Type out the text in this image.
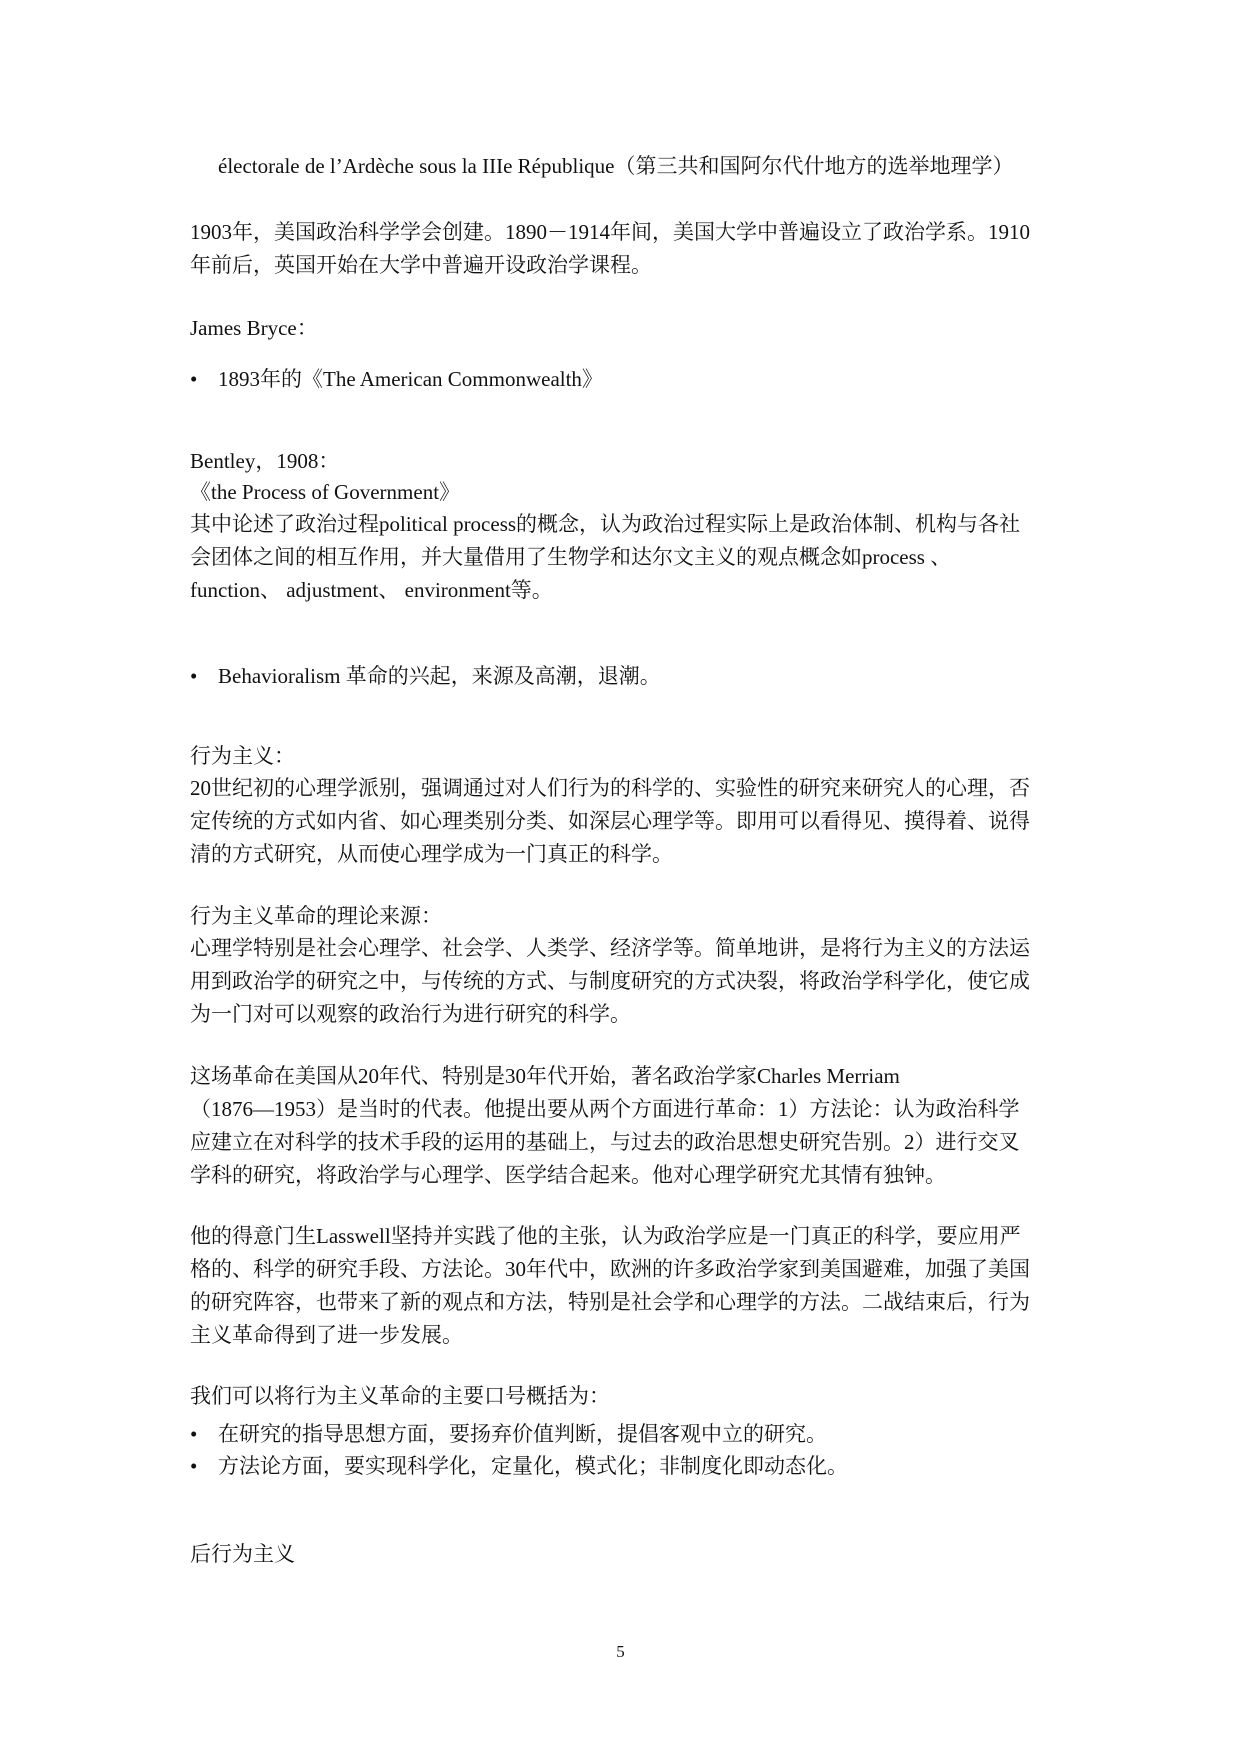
électorale de l’Ardèche sous la IIIe République（第三共和国阿尔代什地方的选举地理学）

1903年，美国政治科学学会创建。1890－1914年间，美国大学中普遍设立了政治学系。1910
年前后，英国开始在大学中普遍开设政治学课程。

James Bryce：

• 1893年的《The American Commonwealth》

Bentley，1908：

《the Process of Government》

其中论述了政治过程political process的概念，认为政治过程实际上是政治体制、机构与各社
会团体之间的相互作用，并大量借用了生物学和达尔文主义的观点概念如process 、
function、 adjustment、 environment等。

• Behavioralism 革命的兴起，来源及高潮，退潮。

行为主义：

20世纪初的心理学派别，强调通过对人们行为的科学的、实验性的研究来研究人的心理，否
定传统的方式如内省、如心理类别分类、如深层心理学等。即用可以看得见、摸得着、说得
清的方式研究，从而使心理学成为一门真正的科学。

行为主义革命的理论来源：

心理学特别是社会心理学、社会学、人类学、经济学等。简单地讲，是将行为主义的方法运
用到政治学的研究之中，与传统的方式、与制度研究的方式决裂，将政治学科学化，使它成
为一门对可以观察的政治行为进行研究的科学。

这场革命在美国从20年代、特别是30年代开始，著名政治学家Charles Merriam
（1876—1953）是当时的代表。他提出要从两个方面进行革命：1）方法论：认为政治科学
应建立在对科学的技术手段的运用的基础上，与过去的政治思想史研究告别。2）进行交叉
学科的研究，将政治学与心理学、医学结合起来。他对心理学研究尤其情有独钟。

他的得意门生Lasswell坚持并实践了他的主张，认为政治学应是一门真正的科学，要应用严
格的、科学的研究手段、方法论。30年代中，欧洲的许多政治学家到美国避难，加强了美国
的研究阵容，也带来了新的观点和方法，特别是社会学和心理学的方法。二战结束后，行为
主义革命得到了进一步发展。

我们可以将行为主义革命的主要口号概括为：

• 在研究的指导思想方面，要扬弃价值判断，提倡客观中立的研究。

• 方法论方面，要实现科学化，定量化，模式化；非制度化即动态化。

后行为主义

5
